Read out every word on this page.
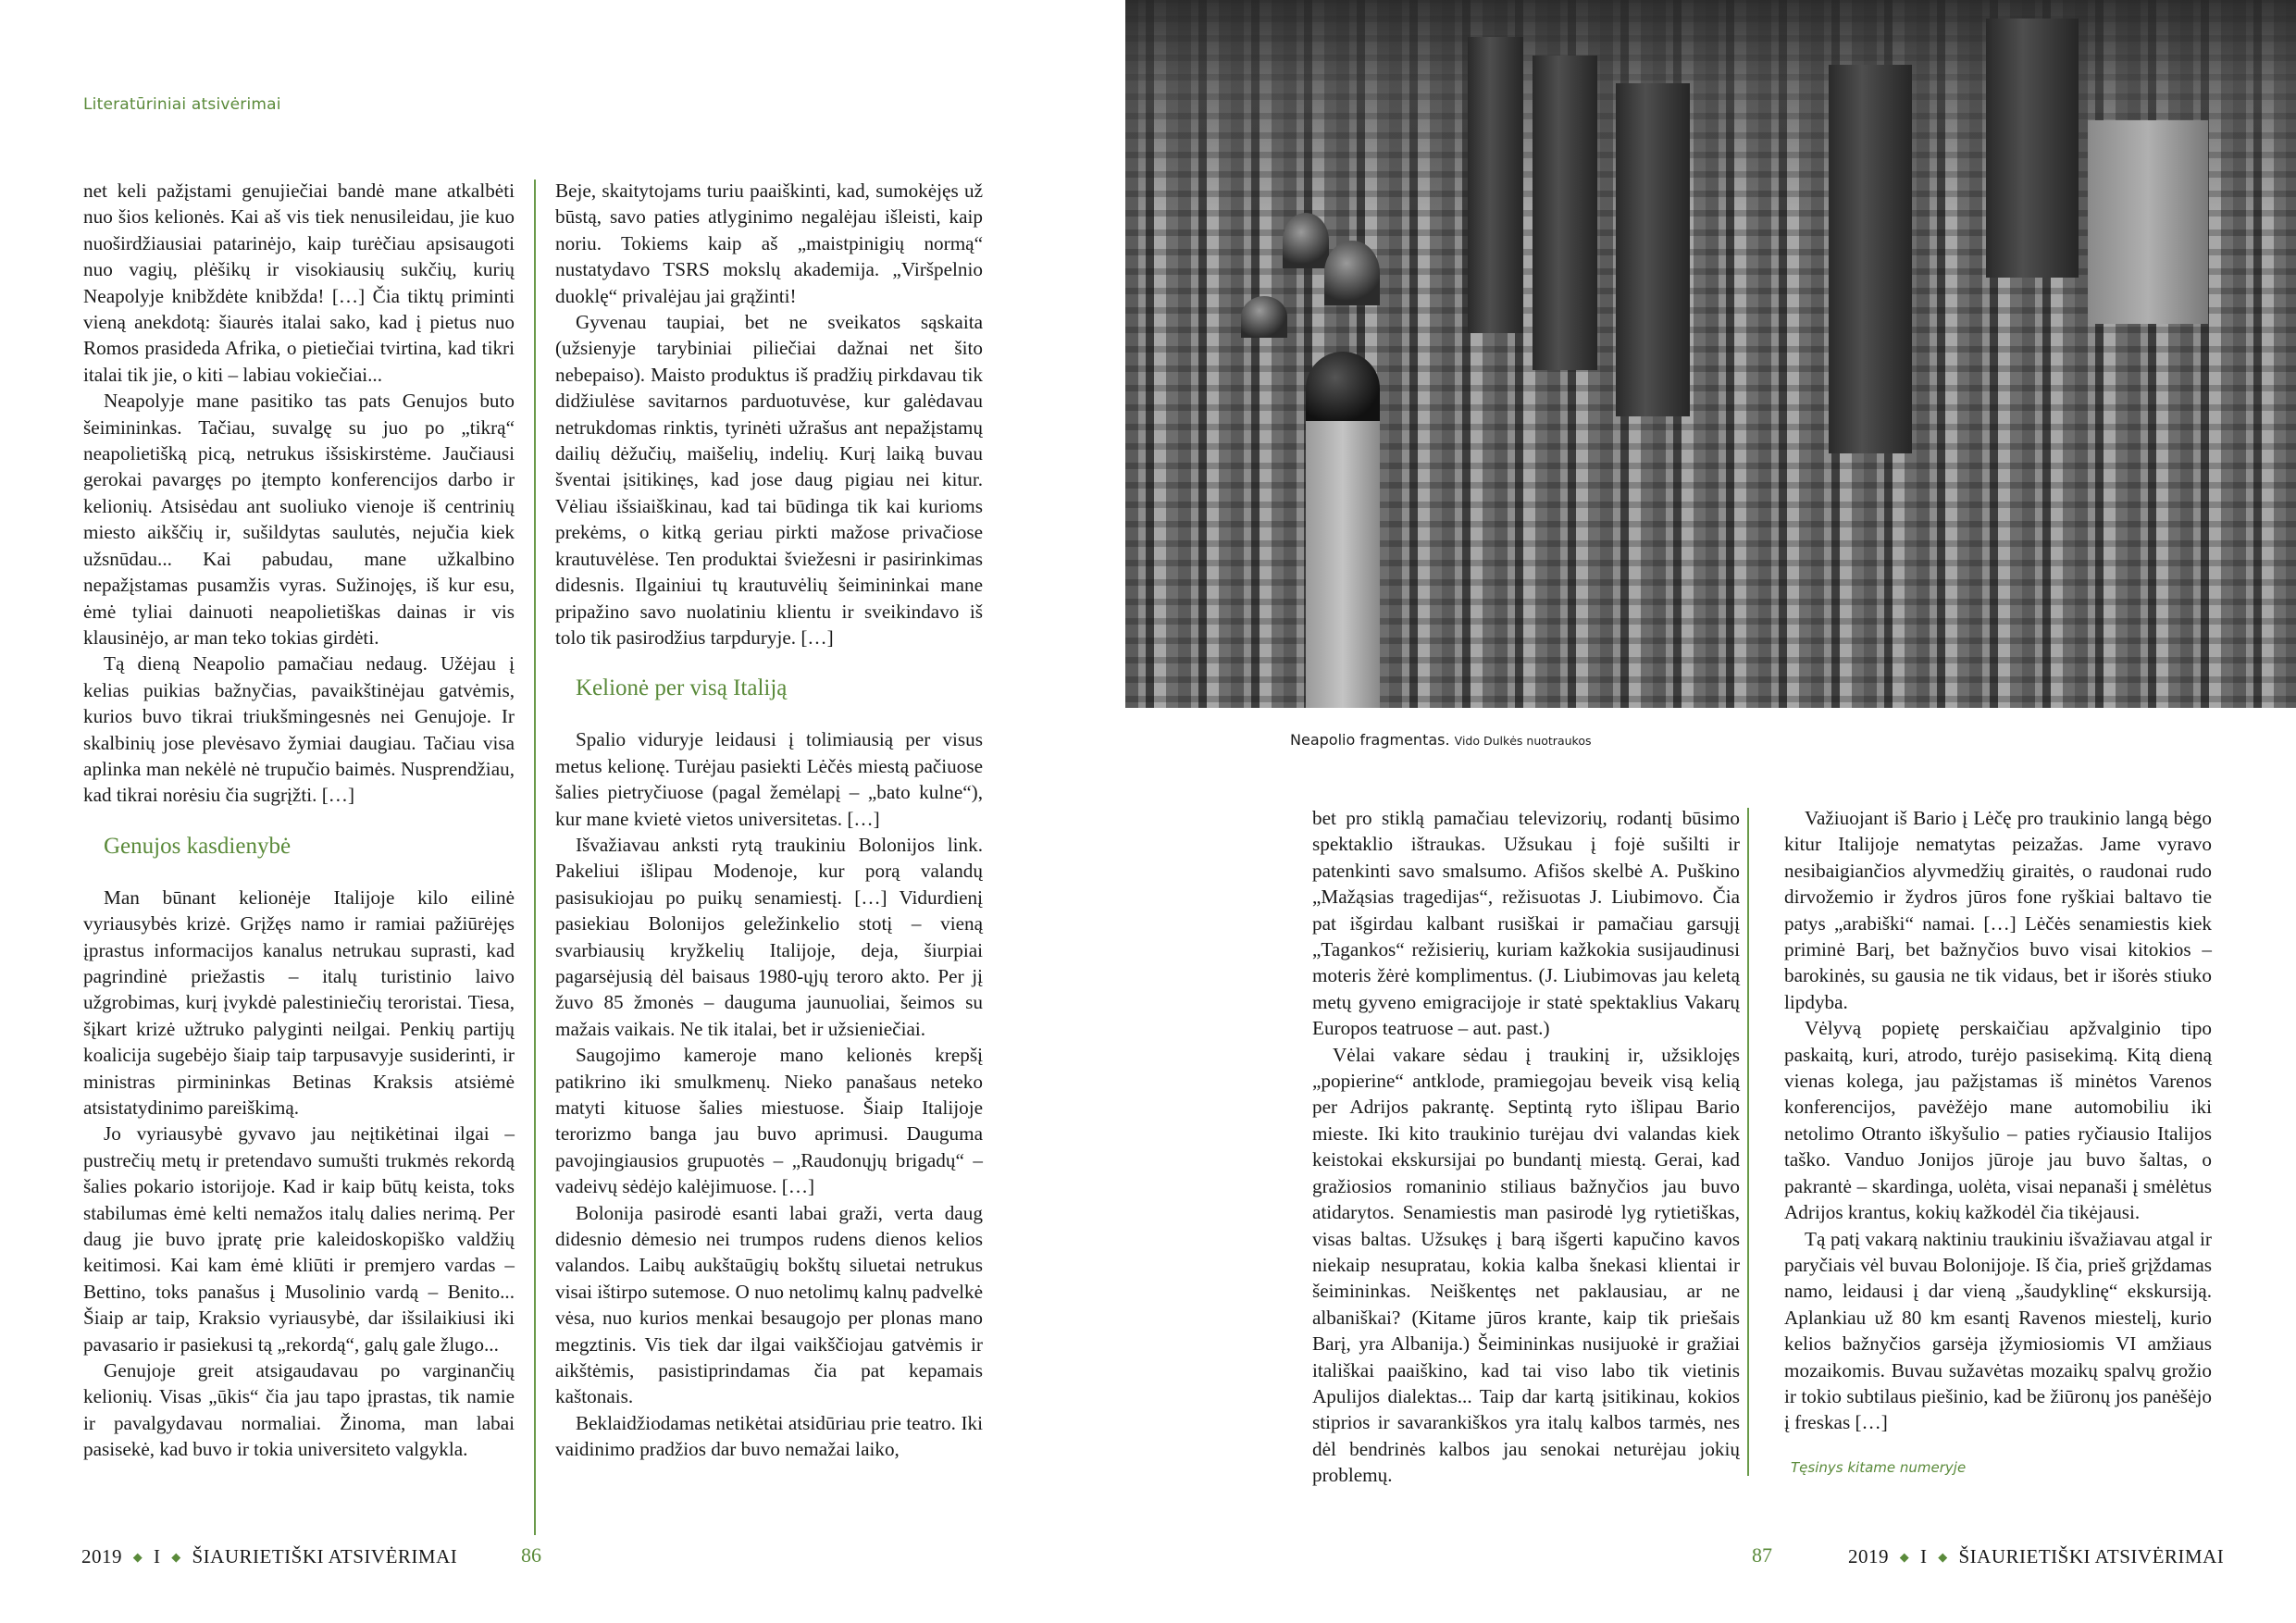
Literatūriniai atsivėrimai

net keli pažįstami genujiečiai bandė mane atkalbėti nuo šios kelionės. Kai aš vis tiek nenusileidau, jie kuo nuoširdžiausiai patarinėjo, kaip turėčiau apsisaugoti nuo vagių, plėšikų ir visokiausių sukčių, kurių Neapolyje knibždėte knibžda! […] Čia tiktų priminti vieną anekdotą: šiaurės italai sako, kad į pietus nuo Romos prasideda Afrika, o pietiečiai tvirtina, kad tikri italai tik jie, o kiti – labiau vokiečiai...

Neapolyje mane pasitiko tas pats Genujos buto šeimininkas. Tačiau, suvalgę su juo po „tikrą“ neapolietišką picą, netrukus išsiskirstėme. Jaučiausi gerokai pavargęs po įtempto konferencijos darbo ir kelionių. Atsisėdau ant suoliuko vienoje iš centrinių miesto aikščių ir, sušildytas saulutės, nejučia kiek užsnūdau... Kai pabudau, mane užkalbino nepažįstamas pusamžis vyras. Sužinojęs, iš kur esu, ėmė tyliai dainuoti neapolietiškas dainas ir vis klausinėjo, ar man teko tokias girdėti.

Tą dieną Neapolio pamačiau nedaug. Užėjau į kelias puikias bažnyčias, pavaikštinėjau gatvėmis, kurios buvo tikrai triukšmingesnės nei Genujoje. Ir skalbinių jose plevėsavo žymiai daugiau. Tačiau visa aplinka man nekėlė nė trupučio baimės. Nusprendžiau, kad tikrai norėsiu čia sugrįžti. […]

Genujos kasdienybė

Man būnant kelionėje Italijoje kilo eilinė vyriausybės krizė. Grįžęs namo ir ramiai pažiūrėjęs įprastus informacijos kanalus netrukau suprasti, kad pagrindinė priežastis – italų turistinio laivo užgrobimas, kurį įvykdė palestiniečių teroristai. Tiesa, šįkart krizė užtruko palyginti neilgai. Penkių partijų koalicija sugebėjo šiaip taip tarpusavyje susiderinti, ir ministras pirmininkas Betinas Kraksis atsiėmė atsistatydinimo pareiškimą.

Jo vyriausybė gyvavo jau neįtikėtinai ilgai – pustrečių metų ir pretendavo sumušti trukmės rekordą šalies pokario istorijoje. Kad ir kaip būtų keista, toks stabilumas ėmė kelti nemažos italų dalies nerimą. Per daug jie buvo įpratę prie kaleidoskopiško valdžių keitimosi. Kai kam ėmė kliūti ir premjero vardas – Bettino, toks panašus į Musolinio vardą – Benito... Šiaip ar taip, Kraksio vyriausybė, dar išsilaikiusi iki pavasario ir pasiekusi tą „rekordą“, galų gale žlugo...

Genujoje greit atsigaudavau po varginančių kelionių. Visas „ūkis“ čia jau tapo įprastas, tik namie ir pavalgydavau normaliai. Žinoma, man labai pasisekė, kad buvo ir tokia universiteto valgykla.

Beje, skaitytojams turiu paaiškinti, kad, sumokėjęs už būstą, savo paties atlyginimo negalėjau išleisti, kaip noriu. Tokiems kaip aš „maistpinigių normą“ nustatydavo TSRS mokslų akademija. „Viršpelnio duoklę“ privalėjau jai grąžinti!

Gyvenau taupiai, bet ne sveikatos sąskaita (užsienyje tarybiniai piliečiai dažnai net šito nebepaiso). Maisto produktus iš pradžių pirkdavau tik didžiulėse savitarnos parduotuvėse, kur galėdavau netrukdomas rinktis, tyrinėti užrašus ant nepažįstamų dailių dėžučių, maišelių, indelių. Kurį laiką buvau šventai įsitikinęs, kad jose daug pigiau nei kitur. Vėliau išsiaiškinau, kad tai būdinga tik kai kurioms prekėms, o kitką geriau pirkti mažose privačiose krautuvėlėse. Ten produktai šviežesni ir pasirinkimas didesnis. Ilgainiui tų krautuvėlių šeimininkai mane pripažino savo nuolatiniu klientu ir sveikindavo iš tolo tik pasirodžius tarpduryje. […]

Kelionė per visą Italiją

Spalio viduryje leidausi į tolimiausią per visus metus kelionę. Turėjau pasiekti Lėčės miestą pačiuose šalies pietryčiuose (pagal žemėlapį – „bato kulne“), kur mane kvietė vietos universitetas. […]

Išvažiavau anksti rytą traukiniu Bolonijos link. Pakeliui išlipau Modenoje, kur porą valandų pasisukiojau po puikų senamiestį. […] Vidurdienį pasiekiau Bolonijos geležinkelio stotį – vieną svarbiausių kryžkelių Italijoje, deja, šiurpiai pagarsėjusią dėl baisaus 1980-ųjų teroro akto. Per jį žuvo 85 žmonės – dauguma jaunuoliai, šeimos su mažais vaikais. Ne tik italai, bet ir užsieniečiai.

Saugojimo kameroje mano kelionės krepšį patikrino iki smulkmenų. Nieko panašaus neteko matyti kituose šalies miestuose. Šiaip Italijoje terorizmo banga jau buvo aprimusi. Dauguma pavojingiausios grupuotės – „Raudonųjų brigadų“ – vadeivų sėdėjo kalėjimuose. […]

Bolonija pasirodė esanti labai graži, verta daug didesnio dėmesio nei trumpos rudens dienos kelios valandos. Laibų aukštaūgių bokštų siluetai netrukus visai ištirpo sutemose. O nuo netolimų kalnų padvelkė vėsa, nuo kurios menkai besaugojo per plonas mano megztinis. Vis tiek dar ilgai vaikščiojau gatvėmis ir aikštėmis, pasistiprindamas čia pat kepamais kaštonais.

Beklaidžiodamas netikėtai atsidūriau prie teatro. Iki vaidinimo pradžios dar buvo nemažai laiko,

2019 ◆ I ◆ ŠIAURIETIŠKI ATSIVĖRIMAI	86
Neapolio fragmentas. Vido Dulkės nuotraukos

bet pro stiklą pamačiau televizorių, rodantį būsimo spektaklio ištraukas. Užsukau į fojė sušilti ir patenkinti savo smalsumo. Afišos skelbė A. Puškino „Mažąsias tragedijas“, režisuotas J. Liubimovo. Čia pat išgirdau kalbant rusiškai ir pamačiau garsųjį „Tagankos“ režisierių, kuriam kažkokia susijaudinusi moteris žėrė komplimentus. (J. Liubimovas jau keletą metų gyveno emigracijoje ir statė spektaklius Vakarų Europos teatruose – aut. past.)

Vėlai vakare sėdau į traukinį ir, užsiklojęs „popierine“ antklode, pramiegojau beveik visą kelią per Adrijos pakrantę. Septintą ryto išlipau Bario mieste. Iki kito traukinio turėjau dvi valandas kiek keistokai ekskursijai po bundantį miestą. Gerai, kad gražiosios romaninio stiliaus bažnyčios jau buvo atidarytos. Senamiestis man pasirodė lyg rytietiškas, visas baltas. Užsukęs į barą išgerti kapučino kavos niekaip nesupratau, kokia kalba šnekasi klientai ir šeimininkas. Neiškentęs net paklausiau, ar ne albaniškai? (Kitame jūros krante, kaip tik priešais Barį, yra Albanija.) Šeimininkas nusijuokė ir gražiai itališkai paaiškino, kad tai viso labo tik vietinis Apulijos dialektas... Taip dar kartą įsitikinau, kokios stiprios ir savarankiškos yra italų kalbos tarmės, nes dėl bendrinės kalbos jau senokai neturėjau jokių problemų.

Važiuojant iš Bario į Lėčę pro traukinio langą bėgo kitur Italijoje nematytas peizažas. Jame vyravo nesibaigiančios alyvmedžių giraitės, o raudonai rudo dirvožemio ir žydros jūros fone ryškiai baltavo tie patys „arabiški“ namai. […] Lėčės senamiestis kiek priminė Barį, bet bažnyčios buvo visai kitokios – barokinės, su gausia ne tik vidaus, bet ir išorės stiuko lipdyba.

Vėlyvą popietę perskaičiau apžvalginio tipo paskaitą, kuri, atrodo, turėjo pasisekimą. Kitą dieną vienas kolega, jau pažįstamas iš minėtos Varenos konferencijos, pavėžėjo mane automobiliu iki netolimo Otranto iškyšulio – paties ryčiausio Italijos taško. Vanduo Jonijos jūroje jau buvo šaltas, o pakrantė – skardinga, uolėta, visai nepanaši į smėlėtus Adrijos krantus, kokių kažkodėl čia tikėjausi.

Tą patį vakarą naktiniu traukiniu išvažiavau atgal ir paryčiais vėl buvau Bolonijoje. Iš čia, prieš grįždamas namo, leidausi į dar vieną „šaudyklinę“ ekskursiją. Aplankiau už 80 km esantį Ravenos miestelį, kurio kelios bažnyčios garsėja įžymiosiomis VI amžiaus mozaikomis. Buvau sužavėtas mozaikų spalvų grožio ir tokio subtilaus piešinio, kad be žiūronų jos panėšėjo į freskas […]

Tęsinys kitame numeryje
87	2019 ◆ I ◆ ŠIAURIETIŠKI ATSIVĖRIMAI
